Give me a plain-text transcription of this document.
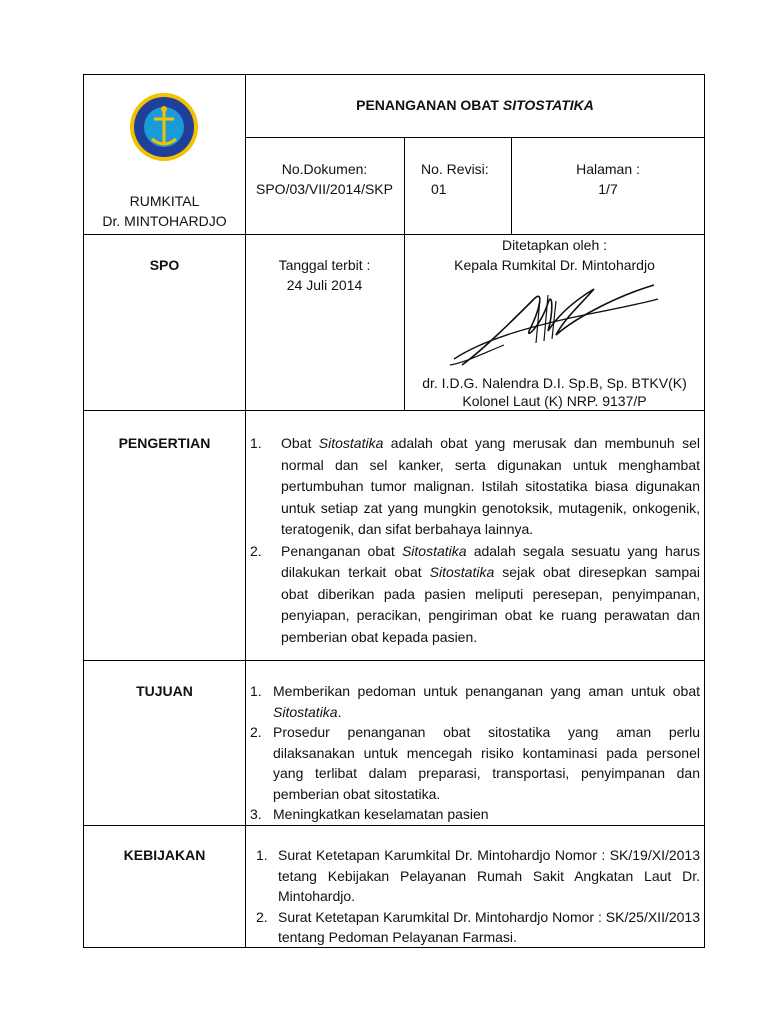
RUMKITAL
Dr. MINTOHARDJO
PENANGANAN OBAT SITOSTATIKA
No.Dokumen:
SPO/03/VII/2014/SKP
No. Revisi:
01
Halaman :
1/7
SPO	Tanggal terbit :
24 Juli 2014
Ditetapkan oleh :
Kepala Rumkital Dr. Mintohardjo
dr. I.D.G. Nalendra D.I. Sp.B, Sp. BTKV(K)
Kolonel Laut (K) NRP. 9137/P
PENGERTIAN	1. Obat Sitostatika adalah obat yang merusak dan membunuh sel normal dan sel kanker, serta digunakan untuk menghambat pertumbuhan tumor malignan. Istilah sitostatika biasa digunakan untuk setiap zat yang mungkin genotoksik, mutagenik, onkogenik, teratogenik, dan sifat berbahaya lainnya.
2. Penanganan obat Sitostatika adalah segala sesuatu yang harus dilakukan terkait obat Sitostatika sejak obat diresepkan sampai obat diberikan pada pasien meliputi peresepan, penyimpanan, penyiapan, peracikan, pengiriman obat ke ruang perawatan dan pemberian obat kepada pasien.
TUJUAN	1. Memberikan pedoman untuk penanganan yang aman untuk obat Sitostatika.
2. Prosedur penanganan obat sitostatika yang aman perlu dilaksanakan untuk mencegah risiko kontaminasi pada personel yang terlibat dalam preparasi, transportasi, penyimpanan dan pemberian obat sitostatika.
3. Meningkatkan keselamatan pasien
KEBIJAKAN	1. Surat Ketetapan Karumkital Dr. Mintohardjo Nomor : SK/19/XI/2013 tetang Kebijakan Pelayanan Rumah Sakit Angkatan Laut Dr. Mintohardjo.
2. Surat Ketetapan Karumkital Dr. Mintohardjo Nomor : SK/25/XII/2013 tentang Pedoman Pelayanan Farmasi.
